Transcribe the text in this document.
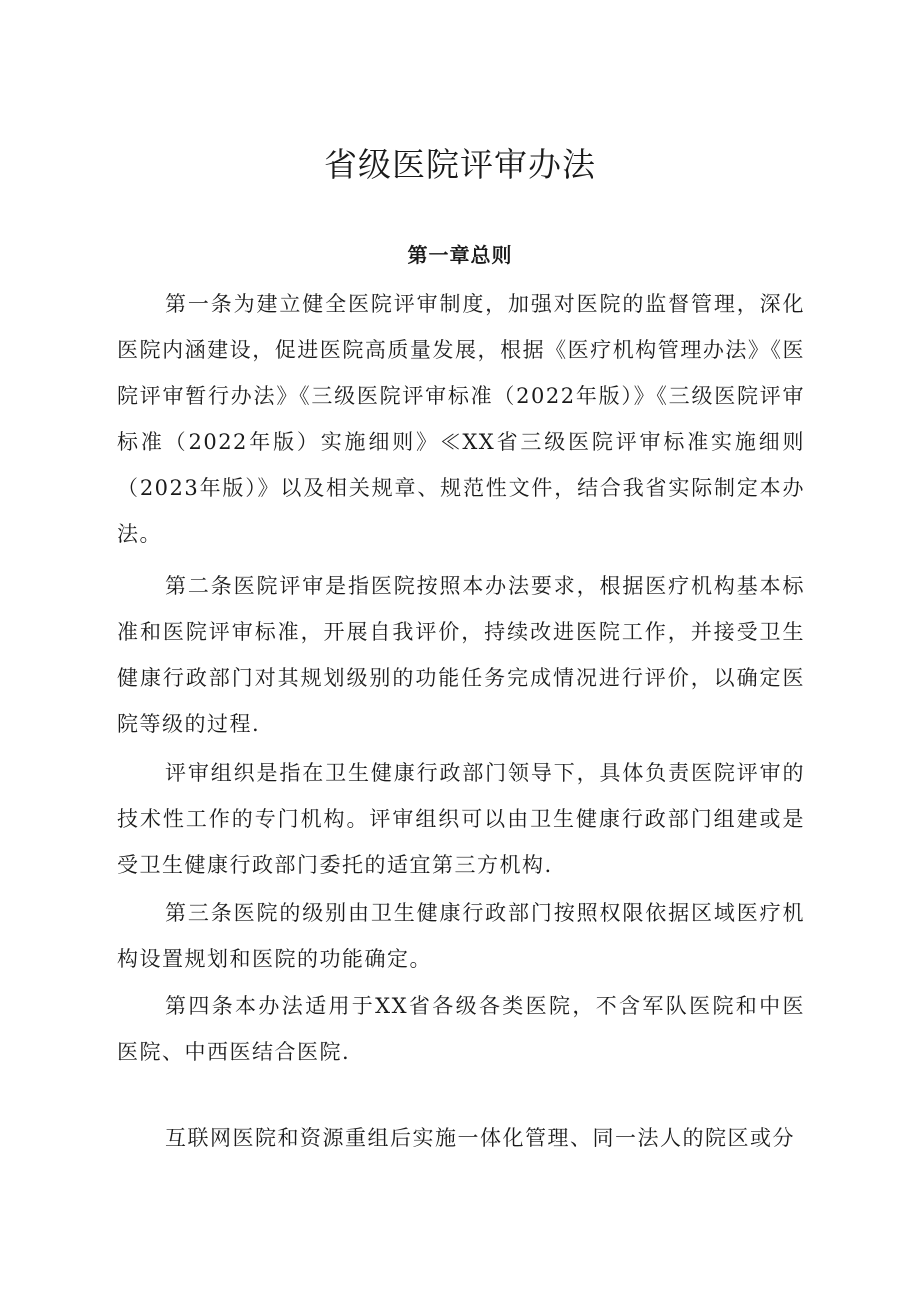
省级医院评审办法
第一章总则

第一条为建立健全医院评审制度，加强对医院的监督管理，深化医院内涵建设，促进医院高质量发展，根据《医疗机构管理办法》《医院评审暂行办法》《三级医院评审标准（2022年版）》《三级医院评审标准（2022年版）实施细则》≪XX省三级医院评审标准实施细则（2023年版）》以及相关规章、规范性文件，结合我省实际制定本办法。

第二条医院评审是指医院按照本办法要求，根据医疗机构基本标准和医院评审标准，开展自我评价，持续改进医院工作，并接受卫生健康行政部门对其规划级别的功能任务完成情况进行评价，以确定医院等级的过程.

评审组织是指在卫生健康行政部门领导下，具体负责医院评审的技术性工作的专门机构。评审组织可以由卫生健康行政部门组建或是受卫生健康行政部门委托的适宜第三方机构.

第三条医院的级别由卫生健康行政部门按照权限依据区域医疗机构设置规划和医院的功能确定。

第四条本办法适用于XX省各级各类医院，不含军队医院和中医医院、中西医结合医院.

互联网医院和资源重组后实施一体化管理、同一法人的院区或分
